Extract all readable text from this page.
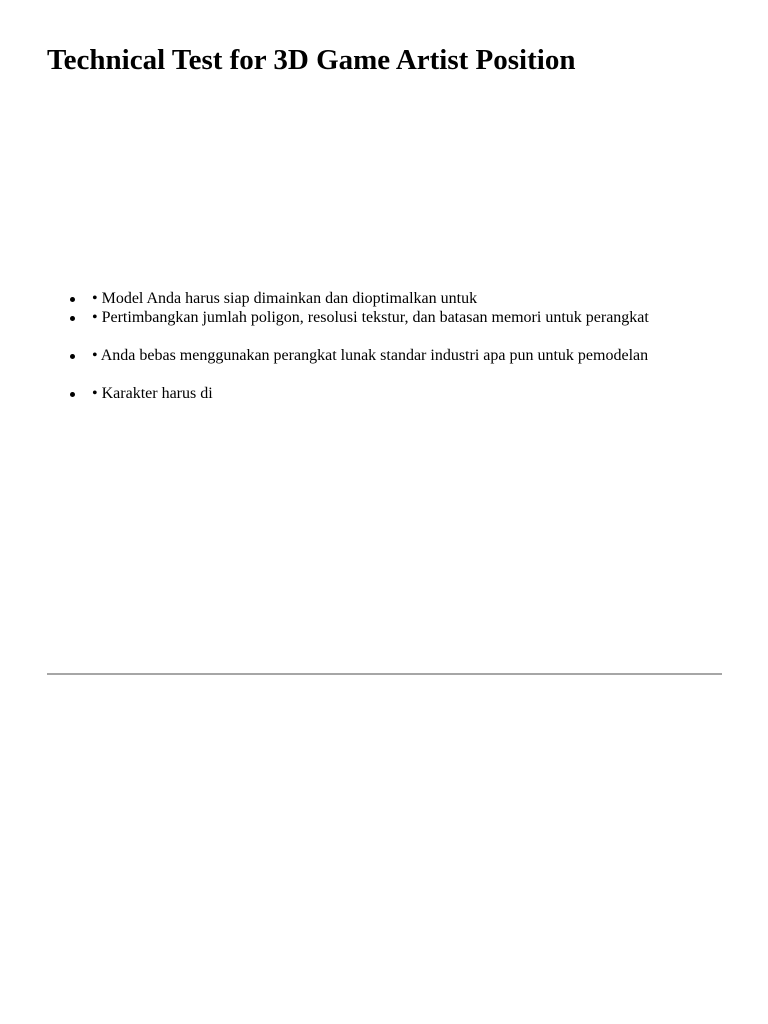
Technical Test for 3D Game Artist Position
• Model Anda harus siap dimainkan dan dioptimalkan untuk
• Pertimbangkan jumlah poligon, resolusi tekstur, dan batasan memori untuk perangkat
• Anda bebas menggunakan perangkat lunak standar industri apa pun untuk pemodelan
• Karakter harus di
